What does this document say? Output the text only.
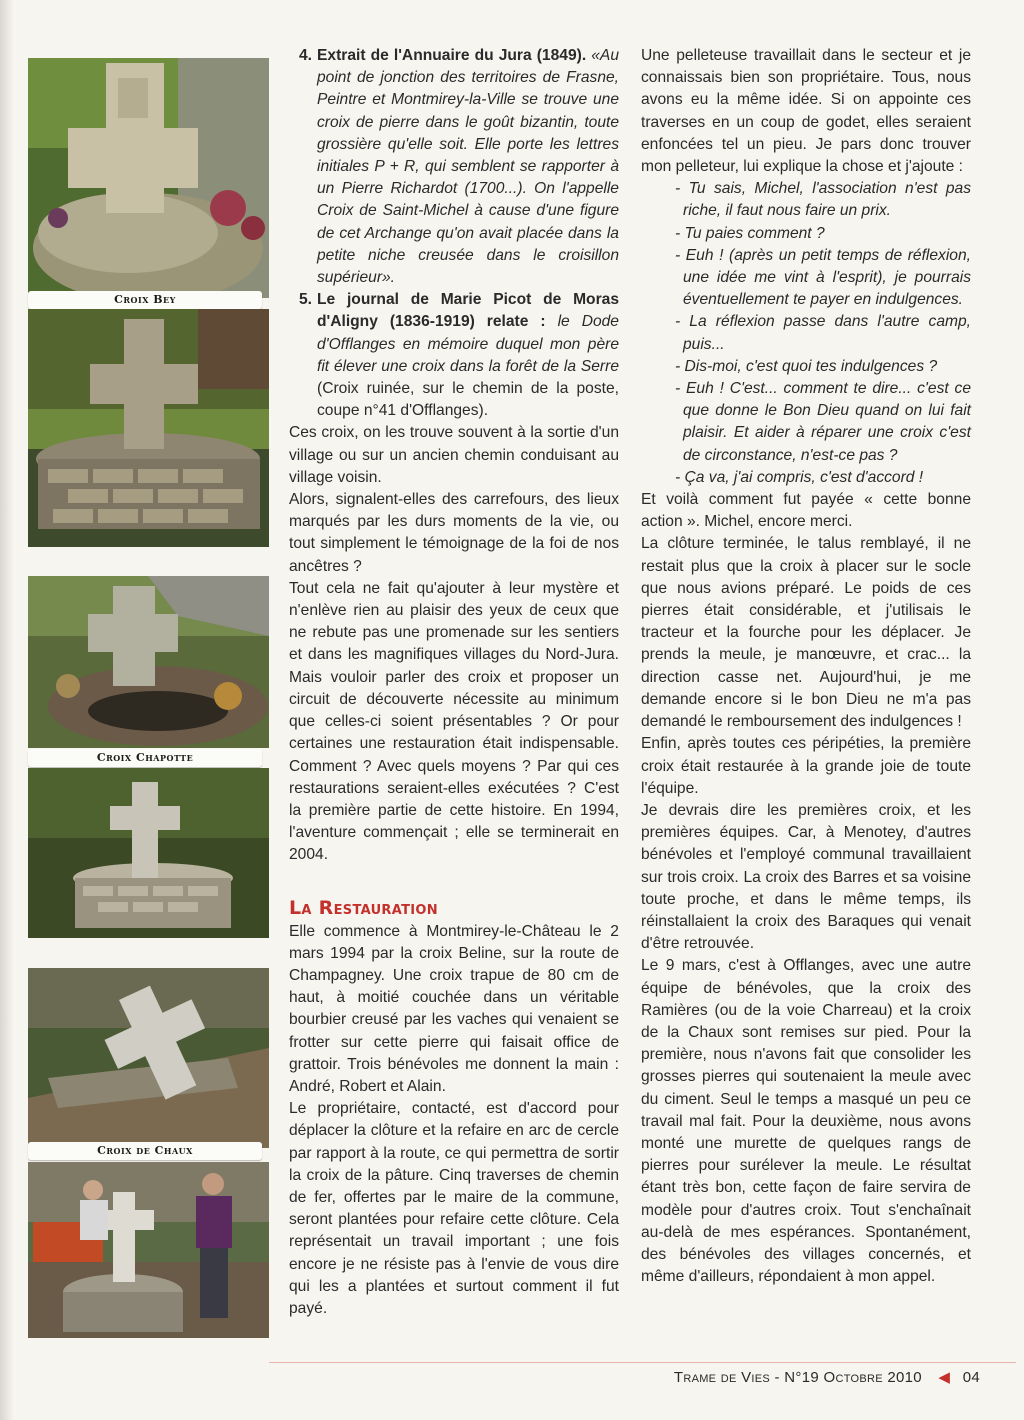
Croix Bey
Croix Chapotte
Croix de Chaux
4. Extrait de l'Annuaire du Jura (1849). «Au point de jonction des territoires de Frasne, Peintre et Montmirey-la-Ville se trouve une croix de pierre dans le goût bizantin, toute grossière qu'elle soit. Elle porte les lettres initiales P + R, qui semblent se rapporter à un Pierre Richardot (1700...). On l'appelle Croix de Saint-Michel à cause d'une figure de cet Archange qu'on avait placée dans la petite niche creusée dans le croisillon supérieur».
5. Le journal de Marie Picot de Moras d'Aligny (1836-1919) relate : le Dode d'Offlanges en mémoire duquel mon père fit élever une croix dans la forêt de la Serre (Croix ruinée, sur le chemin de la poste, coupe n°41 d'Offlanges).

Ces croix, on les trouve souvent à la sortie d'un village ou sur un ancien chemin conduisant au village voisin.

Alors, signalent-elles des carrefours, des lieux marqués par les durs moments de la vie, ou tout simplement le témoignage de la foi de nos ancêtres ?

Tout cela ne fait qu'ajouter à leur mystère et n'enlève rien au plaisir des yeux de ceux que ne rebute pas une promenade sur les sentiers et dans les magnifiques villages du Nord-Jura. Mais vouloir parler des croix et proposer un circuit de découverte nécessite au minimum que celles-ci soient présentables ? Or pour certaines une restauration était indispensable. Comment ? Avec quels moyens ? Par qui ces restaurations seraient-elles exécutées ? C'est la première partie de cette histoire. En 1994, l'aventure commençait ; elle se terminerait en 2004.

La Restauration

Elle commence à Montmirey-le-Château le 2 mars 1994 par la croix Beline, sur la route de Champagney. Une croix trapue de 80 cm de haut, à moitié couchée dans un véritable bourbier creusé par les vaches qui venaient se frotter sur cette pierre qui faisait office de grattoir. Trois bénévoles me donnent la main : André, Robert et Alain.

Le propriétaire, contacté, est d'accord pour déplacer la clôture et la refaire en arc de cercle par rapport à la route, ce qui permettra de sortir la croix de la pâture. Cinq traverses de chemin de fer, offertes par le maire de la commune, seront plantées pour refaire cette clôture. Cela représentait un travail important ; une fois encore je ne résiste pas à l'envie de vous dire qui les a plantées et surtout comment il fut payé.

Une pelleteuse travaillait dans le secteur et je connaissais bien son propriétaire. Tous, nous avons eu la même idée. Si on appointe ces traverses en un coup de godet, elles seraient enfoncées tel un pieu. Je pars donc trouver mon pelleteur, lui explique la chose et j'ajoute :

- Tu sais, Michel, l'association n'est pas riche, il faut nous faire un prix.
- Tu paies comment ?
- Euh ! (après un petit temps de réflexion, une idée me vint à l'esprit), je pourrais éventuellement te payer en indulgences.
- La réflexion passe dans l'autre camp, puis...
- Dis-moi, c'est quoi tes indulgences ?
- Euh ! C'est... comment te dire... c'est ce que donne le Bon Dieu quand on lui fait plaisir. Et aider à réparer une croix c'est de circonstance, n'est-ce pas ?
- Ça va, j'ai compris, c'est d'accord !

Et voilà comment fut payée « cette bonne action ». Michel, encore merci.

La clôture terminée, le talus remblayé, il ne restait plus que la croix à placer sur le socle que nous avions préparé. Le poids de ces pierres était considérable, et j'utilisais le tracteur et la fourche pour les déplacer. Je prends la meule, je manœuvre, et crac... la direction casse net. Aujourd'hui, je me demande encore si le bon Dieu ne m'a pas demandé le remboursement des indulgences !

Enfin, après toutes ces péripéties, la première croix était restaurée à la grande joie de toute l'équipe.

Je devrais dire les premières croix, et les premières équipes. Car, à Menotey, d'autres bénévoles et l'employé communal travaillaient sur trois croix. La croix des Barres et sa voisine toute proche, et dans le même temps, ils réinstallaient la croix des Baraques qui venait d'être retrouvée.

Le 9 mars, c'est à Offlanges, avec une autre équipe de bénévoles, que la croix des Ramières (ou de la voie Charreau) et la croix de la Chaux sont remises sur pied. Pour la première, nous n'avons fait que consolider les grosses pierres qui soutenaient la meule avec du ciment. Seul le temps a masqué un peu ce travail mal fait. Pour la deuxième, nous avons monté une murette de quelques rangs de pierres pour surélever la meule. Le résultat étant très bon, cette façon de faire servira de modèle pour d'autres croix. Tout s'enchaînait au-delà de mes espérances. Spontanément, des bénévoles des villages concernés, et même d'ailleurs, répondaient à mon appel.

Trame de Vies - N°19 Octobre 2010 ◀ 04
